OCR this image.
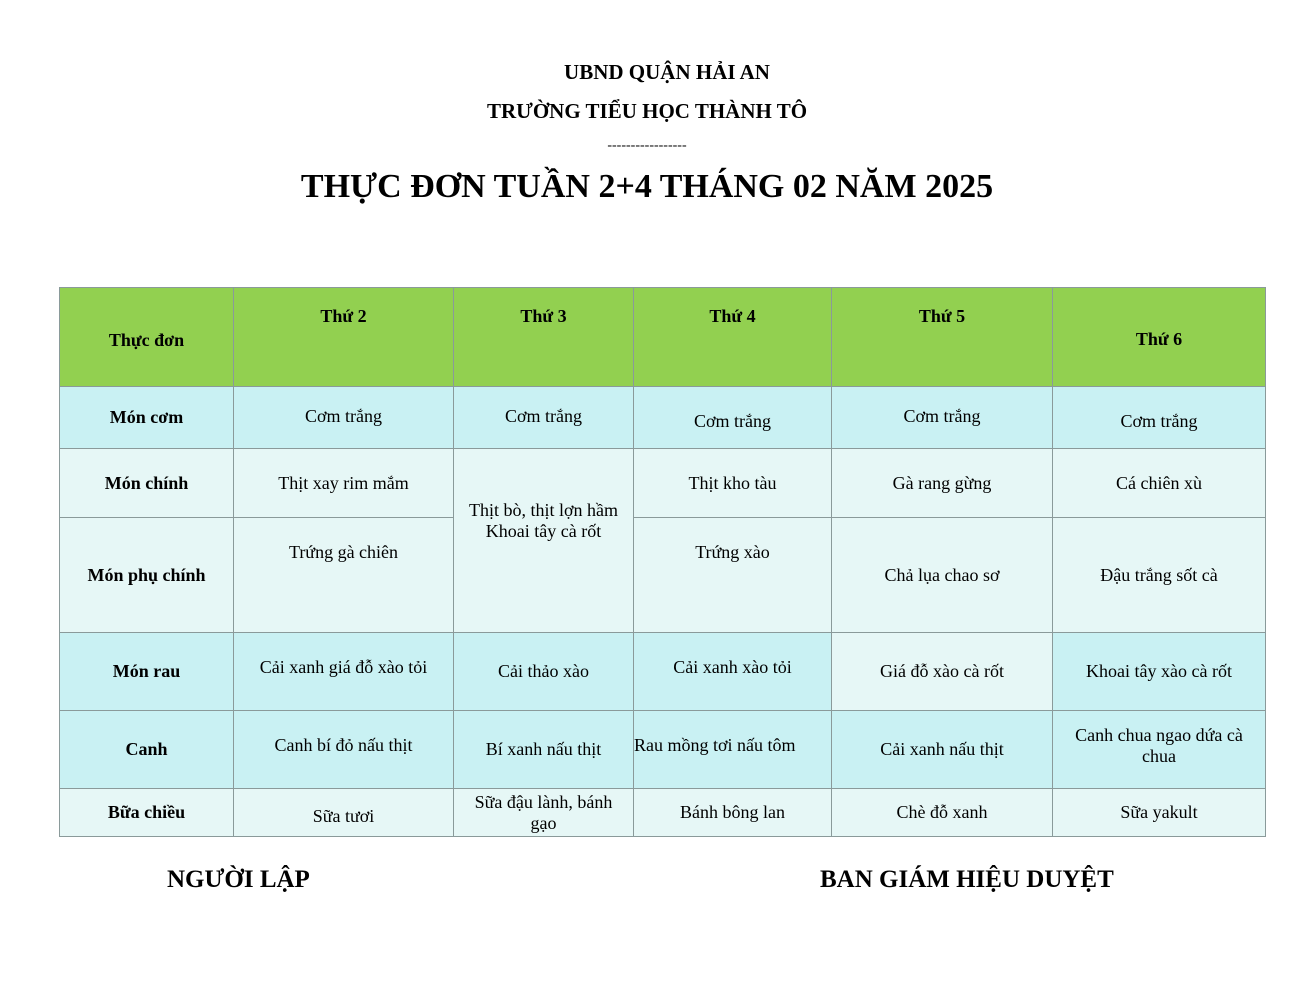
UBND QUẬN HẢI AN
TRƯỜNG TIỂU HỌC THÀNH TÔ
-----------------
THỰC ĐƠN TUẦN 2+4 THÁNG 02 NĂM 2025
Thực đơn	Thứ 2	Thứ 3	Thứ 4	Thứ 5	Thứ 6
Món cơm	Cơm trắng	Cơm trắng	Cơm trắng	Cơm trắng	Cơm trắng
Món chính	Thịt xay rim mắm	Thịt bò, thịt lợn hầm Khoai tây cà rốt	Thịt kho tàu	Gà rang gừng	Cá chiên xù
Món phụ chính	Trứng gà chiên		Trứng xào	Chả lụa chao sơ	Đậu trắng sốt cà
Món rau	Cải xanh giá đỗ xào tỏi	Cải thảo xào	Cải xanh xào tỏi	Giá đỗ xào cà rốt	Khoai tây xào cà rốt
Canh	Canh bí đỏ nấu thịt	Bí xanh nấu thịt	Rau mồng tơi nấu tôm	Cải xanh nấu thịt	Canh chua ngao dứa cà chua
Bữa chiều	Sữa tươi	Sữa đậu lành, bánh gạo	Bánh bông lan	Chè đỗ xanh	Sữa yakult
NGƯỜI LẬP	BAN GIÁM HIỆU DUYỆT
